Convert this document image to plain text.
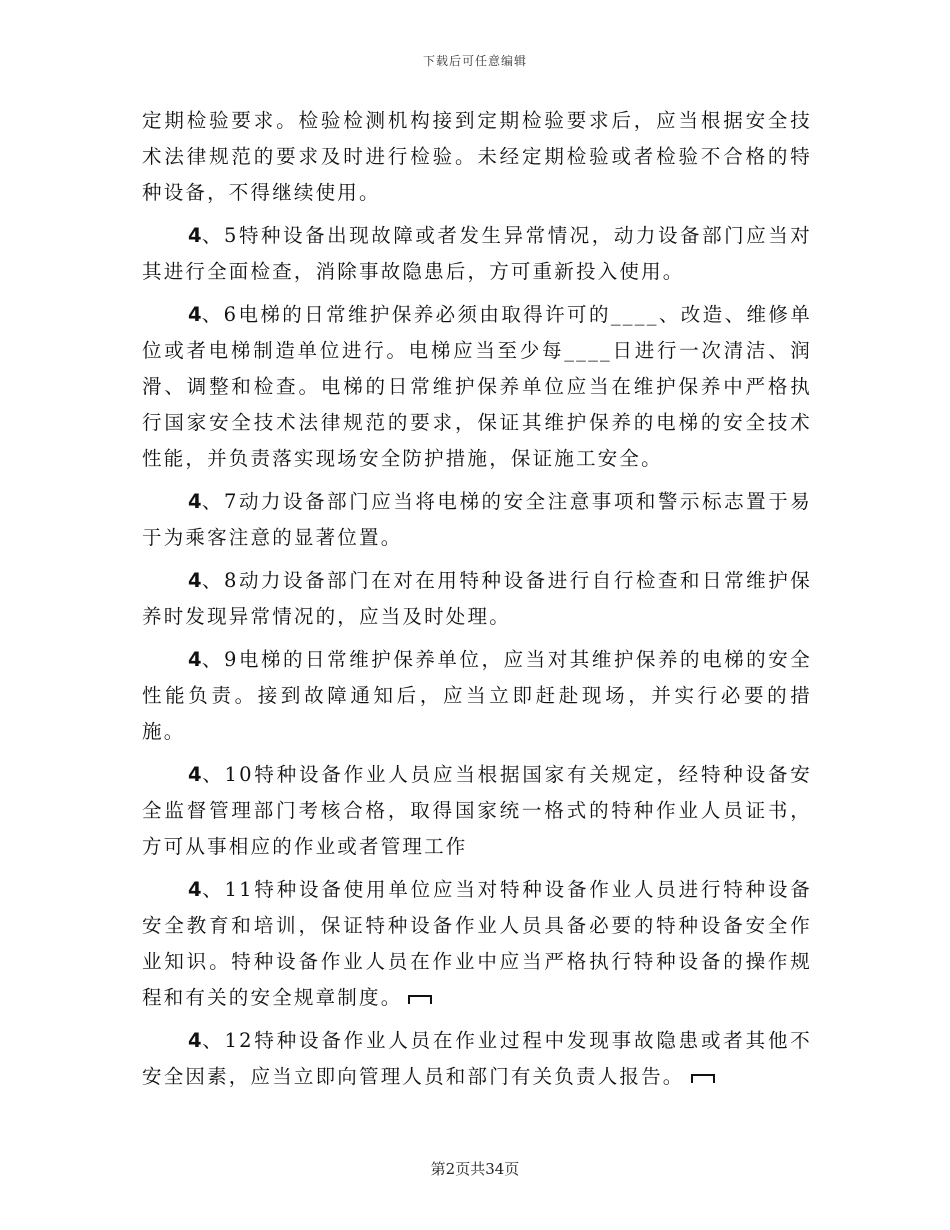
下载后可任意编辑

定期检验要求。检验检测机构接到定期检验要求后，应当根据安全技术法律规范的要求及时进行检验。未经定期检验或者检验不合格的特种设备，不得继续使用。

4、5特种设备出现故障或者发生异常情况，动力设备部门应当对其进行全面检查，消除事故隐患后，方可重新投入使用。

4、6电梯的日常维护保养必须由取得许可的____、改造、维修单位或者电梯制造单位进行。电梯应当至少每____日进行一次清洁、润滑、调整和检查。电梯的日常维护保养单位应当在维护保养中严格执行国家安全技术法律规范的要求，保证其维护保养的电梯的安全技术性能，并负责落实现场安全防护措施，保证施工安全。

4、7动力设备部门应当将电梯的安全注意事项和警示标志置于易于为乘客注意的显著位置。

4、8动力设备部门在对在用特种设备进行自行检查和日常维护保养时发现异常情况的，应当及时处理。

4、9电梯的日常维护保养单位，应当对其维护保养的电梯的安全性能负责。接到故障通知后，应当立即赶赴现场，并实行必要的措施。

4、10特种设备作业人员应当根据国家有关规定，经特种设备安全监督管理部门考核合格，取得国家统一格式的特种作业人员证书，方可从事相应的作业或者管理工作

4、11特种设备使用单位应当对特种设备作业人员进行特种设备安全教育和培训，保证特种设备作业人员具备必要的特种设备安全作业知识。特种设备作业人员在作业中应当严格执行特种设备的操作规程和有关的安全规章制度。

4、12特种设备作业人员在作业过程中发现事故隐患或者其他不安全因素，应当立即向管理人员和部门有关负责人报告。

第2页共34页
